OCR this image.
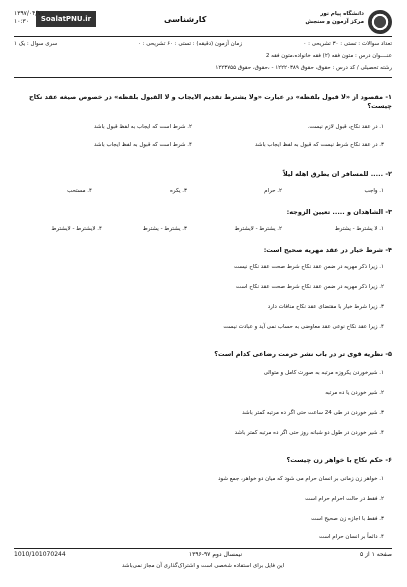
دانشگاه پیام نور
مرکز آزمون و سنجش
کارشناسی
SoalatPNU.ir
۱۳۹۷/۰۴/۱۰
۱۰:۳۰
تعداد سوالات : تستی : ۳۰ تشریحی : ۰
زمان آزمون (دقیقه) : تستی : ۶۰ تشریحی : ۰
سری سوال : یک ۱
عنــــوان درس : متون فقه (۲) فقه خانواده،متون فقه 2
رشته تحصیلی / کد درس : حقوق، حقوق ۱۲۲۲۰۳۸۹ - ،حقوق، حقوق ۱۲۲۳۷۵۵
۱- مقصود از «لا قبول بلفظه» در عبارت «ولا یشترط تقدیم الایجاب و لا القبول بلفظه» در خصوص صیغه عقد نکاح چیست؟
۱. در عقد نکاح، قبول لازم نیست.
۲. شرط است که ایجاب به لفظ قبول باشد
۳. در عقد نکاح شرط نیست که قبول به لفظ ایجاب باشد
۴. شرط است که قبول به لفظ ایجاب باشد
۲- ..... للمسافر ان یطرق اهله لیلاً
۱. واجب
۲. حرام
۳. یکره
۴. مستحب
۳- الشاهدان و ..... تعیین الزوجه:
۱. لا یشترط - یشترط
۲. یشترط - لایشترط
۳. یشترط - یشترط
۴. لایشترط - لایشترط
۴- شرط خیار در عقد مهریه صحیح است:
۱. زیرا ذکر مهریه در ضمن عقد نکاح شرط صحت عقد نکاح نیست
۲. زیرا ذکر مهریه در ضمن عقد نکاح شرط صحت عقد نکاح است
۳. زیرا شرط خیار با مقتضای عقد نکاح منافات دارد
۴. زیرا عقد نکاح نوعی عقد معاوضی به حساب نمی آید و عبادت نیست
۵- نظریه قوی تر در باب نشر حرمت رضاعی کدام است؟
۱. شیرخوردن یکروزه مرتبه به صورت کامل و متوالی
۲. شیر خوردن یا ده مرتبه
۳. شیر خوردن در طی 24 ساعت حتی اگر ده مرتبه کمتر باشد
۴. شیر خوردن در طول دو شبانه روز حتی اگر ده مرتبه کمتر باشد
۶- حکم نکاح با خواهر زن چیست؟
۱. خواهر زن زمانی بر انسان حرام می شود که میان دو خواهر، جمع شود
۲. فقط در حالت احرام حرام است
۳. فقط با اجازه زن صحیح است
۴. دائماً بر انسان حرام است
صفحه ۱ از ۵
نیمسال دوم ۹۷-۱۳۹۶
1010/101070244
این فایل برای استفاده شخصی است و اشتراک‌گذاری آن مجاز نمی‌باشد
